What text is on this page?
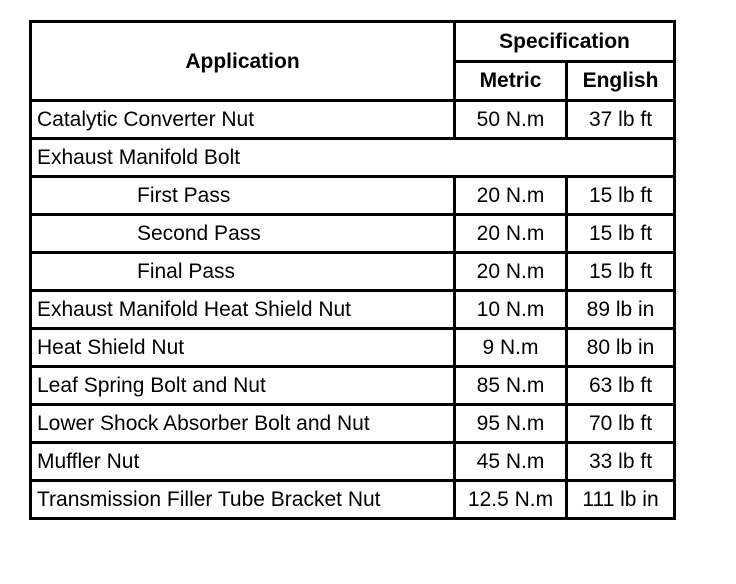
Application	Specification	
	Metric	English
Catalytic Converter Nut	50 N.m	37 lb ft
Exhaust Manifold Bolt		
First Pass	20 N.m	15 lb ft
Second Pass	20 N.m	15 lb ft
Final Pass	20 N.m	15 lb ft
Exhaust Manifold Heat Shield Nut	10 N.m	89 lb in
Heat Shield Nut	9 N.m	80 lb in
Leaf Spring Bolt and Nut	85 N.m	63 lb ft
Lower Shock Absorber Bolt and Nut	95 N.m	70 lb ft
Muffler Nut	45 N.m	33 lb ft
Transmission Filler Tube Bracket Nut	12.5 N.m	111 lb in
